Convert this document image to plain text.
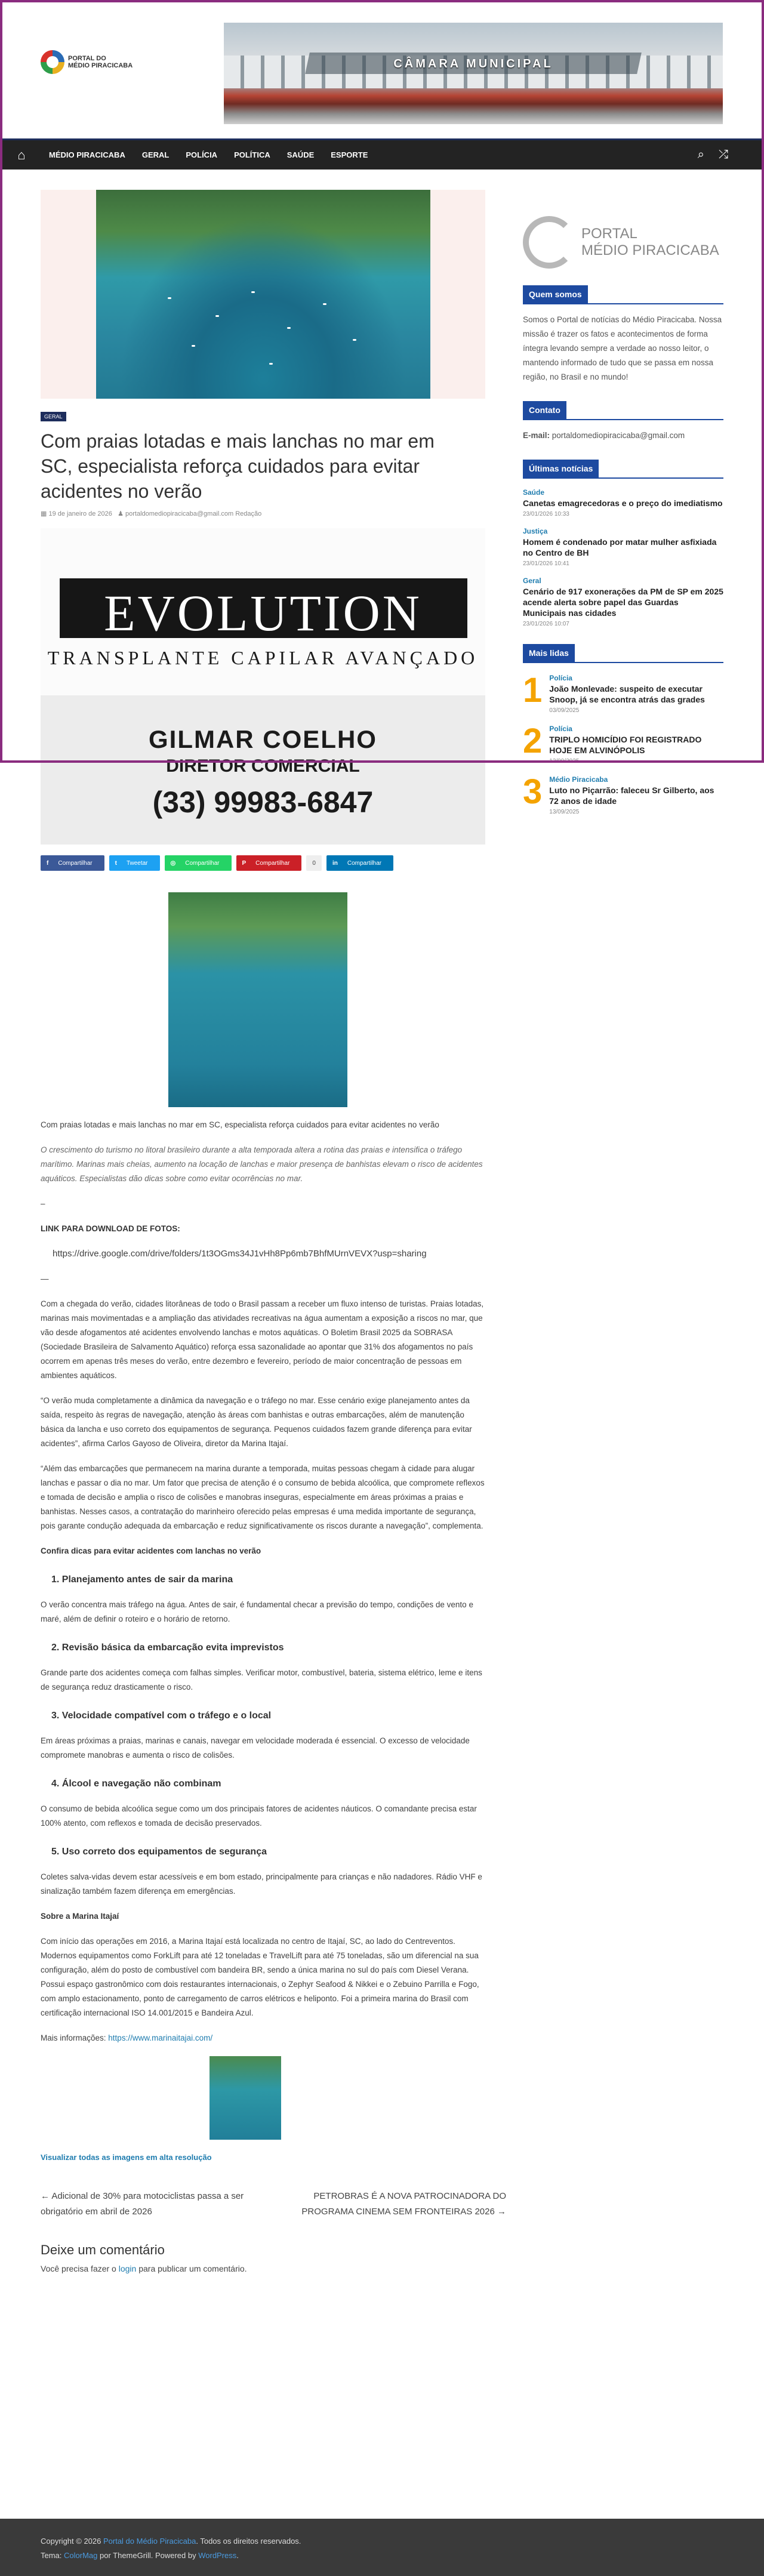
PORTAL DO
MÉDIO PIRACICABA	CÂMARA MUNICIPAL
⌂	MÉDIO PIRACICABA	GERAL	POLÍCIA	POLÍTICA	SAÚDE	ESPORTE	⌕ ⤮
GERAL
Com praias lotadas e mais lanchas no mar em SC, especialista reforça cuidados para evitar acidentes no verão
▦ 19 de janeiro de 2026 ♟ portaldomediopiracicaba@gmail.com Redação
EVOLUTION
TRANSPLANTE CAPILAR AVANÇADO
GILMAR COELHO
DIRETOR COMERCIAL
(33) 99983-6847
f	Compartilhar	t	Tweetar	◎	Compartilhar	P	Compartilhar	0	in	Compartilhar

Com praias lotadas e mais lanchas no mar em SC, especialista reforça cuidados para evitar acidentes no verão

O crescimento do turismo no litoral brasileiro durante a alta temporada altera a rotina das praias e intensifica o tráfego marítimo. Marinas mais cheias, aumento na locação de lanchas e maior presença de banhistas elevam o risco de acidentes aquáticos. Especialistas dão dicas sobre como evitar ocorrências no mar.

–

LINK PARA DOWNLOAD DE FOTOS:

https://drive.google.com/drive/folders/1t3OGms34J1vHh8Pp6mb7BhfMUrnVEVX?usp=sharing

—

Com a chegada do verão, cidades litorâneas de todo o Brasil passam a receber um fluxo intenso de turistas. Praias lotadas, marinas mais movimentadas e a ampliação das atividades recreativas na água aumentam a exposição a riscos no mar, que vão desde afogamentos até acidentes envolvendo lanchas e motos aquáticas. O Boletim Brasil 2025 da SOBRASA (Sociedade Brasileira de Salvamento Aquático) reforça essa sazonalidade ao apontar que 31% dos afogamentos no país ocorrem em apenas três meses do verão, entre dezembro e fevereiro, período de maior concentração de pessoas em ambientes aquáticos.

“O verão muda completamente a dinâmica da navegação e o tráfego no mar. Esse cenário exige planejamento antes da saída, respeito às regras de navegação, atenção às áreas com banhistas e outras embarcações, além de manutenção básica da lancha e uso correto dos equipamentos de segurança. Pequenos cuidados fazem grande diferença para evitar acidentes”, afirma Carlos Gayoso de Oliveira, diretor da Marina Itajaí.

“Além das embarcações que permanecem na marina durante a temporada, muitas pessoas chegam à cidade para alugar lanchas e passar o dia no mar. Um fator que precisa de atenção é o consumo de bebida alcoólica, que compromete reflexos e tomada de decisão e amplia o risco de colisões e manobras inseguras, especialmente em áreas próximas a praias e banhistas. Nesses casos, a contratação do marinheiro oferecido pelas empresas é uma medida importante de segurança, pois garante condução adequada da embarcação e reduz significativamente os riscos durante a navegação”, complementa.

Confira dicas para evitar acidentes com lanchas no verão

1. Planejamento antes de sair da marina

O verão concentra mais tráfego na água. Antes de sair, é fundamental checar a previsão do tempo, condições de vento e maré, além de definir o roteiro e o horário de retorno.

2. Revisão básica da embarcação evita imprevistos

Grande parte dos acidentes começa com falhas simples. Verificar motor, combustível, bateria, sistema elétrico, leme e itens de segurança reduz drasticamente o risco.

3. Velocidade compatível com o tráfego e o local

Em áreas próximas a praias, marinas e canais, navegar em velocidade moderada é essencial. O excesso de velocidade compromete manobras e aumenta o risco de colisões.

4. Álcool e navegação não combinam

O consumo de bebida alcoólica segue como um dos principais fatores de acidentes náuticos. O comandante precisa estar 100% atento, com reflexos e tomada de decisão preservados.

5. Uso correto dos equipamentos de segurança

Coletes salva-vidas devem estar acessíveis e em bom estado, principalmente para crianças e não nadadores. Rádio VHF e sinalização também fazem diferença em emergências.

Sobre a Marina Itajaí

Com início das operações em 2016, a Marina Itajaí está localizada no centro de Itajaí, SC, ao lado do Centreventos. Modernos equipamentos como ForkLift para até 12 toneladas e TravelLift para até 75 toneladas, são um diferencial na sua configuração, além do posto de combustível com bandeira BR, sendo a única marina no sul do país com Diesel Verana. Possui espaço gastronômico com dois restaurantes internacionais, o Zephyr Seafood & Nikkei e o Zebuino Parrilla e Fogo, com amplo estacionamento, ponto de carregamento de carros elétricos e heliponto. Foi a primeira marina do Brasil com certificação internacional ISO 14.001/2015 e Bandeira Azul.

Mais informações: https://www.marinaitajai.com/

Visualizar todas as imagens em alta resolução

← Adicional de 30% para motociclistas passa a ser obrigatório em abril de 2026
PETROBRAS É A NOVA PATROCINADORA DO PROGRAMA CINEMA SEM FRONTEIRAS 2026 →
Deixe um comentário

Você precisa fazer o login para publicar um comentário.

PORTAL
MÉDIO PIRACICABA
Quem somos

Somos o Portal de notícias do Médio Piracicaba. Nossa missão é trazer os fatos e acontecimentos de forma íntegra levando sempre a verdade ao nosso leitor, o mantendo informado de tudo que se passa em nossa região, no Brasil e no mundo!

Contato

E-mail: portaldomediopiracicaba@gmail.com

Últimas notícias
Saúde
Canetas emagrecedoras e o preço do imediatismo
23/01/2026 10:33
Justiça
Homem é condenado por matar mulher asfixiada no Centro de BH
23/01/2026 10:41
Geral
Cenário de 917 exonerações da PM de SP em 2025 acende alerta sobre papel das Guardas Municipais nas cidades
23/01/2026 10:07
Mais lidas
1 Polícia
João Monlevade: suspeito de executar Snoop, já se encontra atrás das grades
03/09/2025
2 Polícia
TRIPLO HOMICÍDIO FOI REGISTRADO HOJE EM ALVINÓPOLIS
13/09/2025
3 Médio Piracicaba
Luto no Piçarrão: faleceu Sr Gilberto, aos 72 anos de idade
13/09/2025
Copyright © 2026 Portal do Médio Piracicaba. Todos os direitos reservados.
Tema: ColorMag por ThemeGrill. Powered by WordPress.
